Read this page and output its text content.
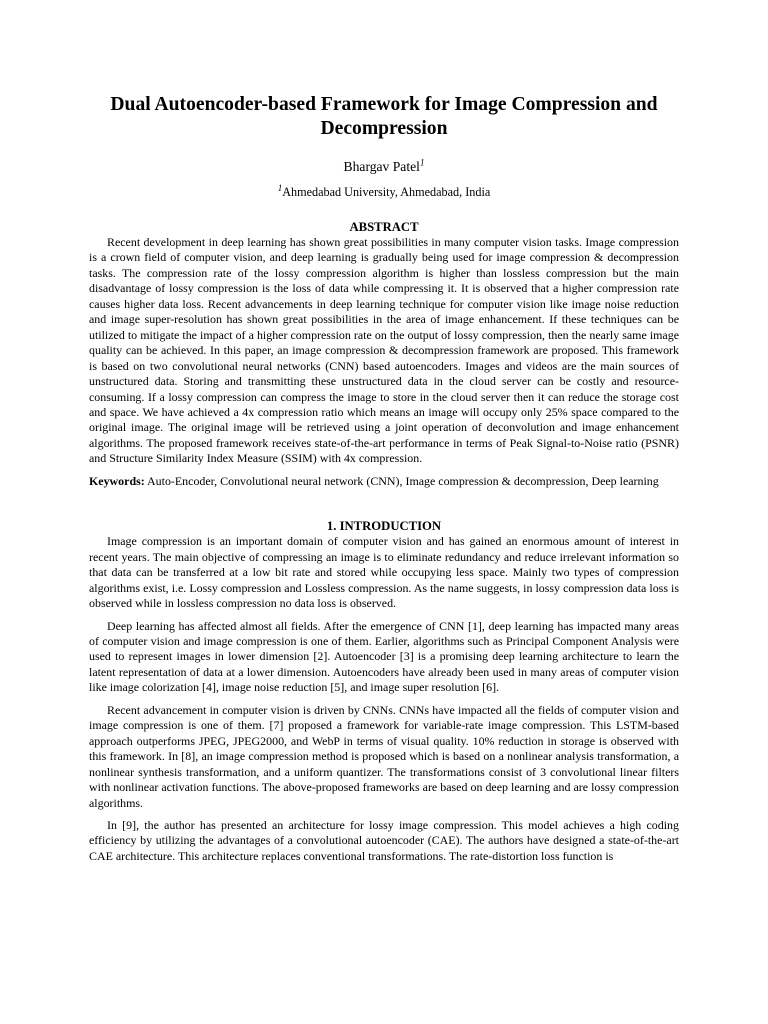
Dual Autoencoder-based Framework for Image Compression and Decompression
Bhargav Patel$^1$
$^1$Ahmedabad University, Ahmedabad, India
ABSTRACT

Recent development in deep learning has shown great possibilities in many computer vision tasks. Image compression is a crown field of computer vision, and deep learning is gradually being used for image compression & decompression tasks. The compression rate of the lossy compression algorithm is higher than lossless compression but the main disadvantage of lossy compression is the loss of data while compressing it. It is observed that a higher compression rate causes higher data loss. Recent advancements in deep learning technique for computer vision like image noise reduction and image super-resolution has shown great possibilities in the area of image enhancement. If these techniques can be utilized to mitigate the impact of a higher compression rate on the output of lossy compression, then the nearly same image quality can be achieved. In this paper, an image compression & decompression framework are proposed. This framework is based on two convolutional neural networks (CNN) based autoencoders. Images and videos are the main sources of unstructured data. Storing and transmitting these unstructured data in the cloud server can be costly and resource-consuming. If a lossy compression can compress the image to store in the cloud server then it can reduce the storage cost and space. We have achieved a 4x compression ratio which means an image will occupy only 25% space compared to the original image. The original image will be retrieved using a joint operation of deconvolution and image enhancement algorithms. The proposed framework receives state-of-the-art performance in terms of Peak Signal-to-Noise ratio (PSNR) and Structure Similarity Index Measure (SSIM) with 4x compression.

Keywords: Auto-Encoder, Convolutional neural network (CNN), Image compression & decompression, Deep learning

1. INTRODUCTION

Image compression is an important domain of computer vision and has gained an enormous amount of interest in recent years. The main objective of compressing an image is to eliminate redundancy and reduce irrelevant information so that data can be transferred at a low bit rate and stored while occupying less space. Mainly two types of compression algorithms exist, i.e. Lossy compression and Lossless compression. As the name suggests, in lossy compression data loss is observed while in lossless compression no data loss is observed.

Deep learning has affected almost all fields. After the emergence of CNN [1], deep learning has impacted many areas of computer vision and image compression is one of them. Earlier, algorithms such as Principal Component Analysis were used to represent images in lower dimension [2]. Autoencoder [3] is a promising deep learning architecture to learn the latent representation of data at a lower dimension. Autoencoders have already been used in many areas of computer vision like image colorization [4], image noise reduction [5], and image super resolution [6].

Recent advancement in computer vision is driven by CNNs. CNNs have impacted all the fields of computer vision and image compression is one of them. [7] proposed a framework for variable-rate image compression. This LSTM-based approach outperforms JPEG, JPEG2000, and WebP in terms of visual quality. 10% reduction in storage is observed with this framework. In [8], an image compression method is proposed which is based on a nonlinear analysis transformation, a nonlinear synthesis transformation, and a uniform quantizer. The transformations consist of 3 convolutional linear filters with nonlinear activation functions. The above-proposed frameworks are based on deep learning and are lossy compression algorithms.

In [9], the author has presented an architecture for lossy image compression. This model achieves a high coding efficiency by utilizing the advantages of a convolutional autoencoder (CAE). The authors have designed a state-of-the-art CAE architecture. This architecture replaces conventional transformations. The rate-distortion loss function is
